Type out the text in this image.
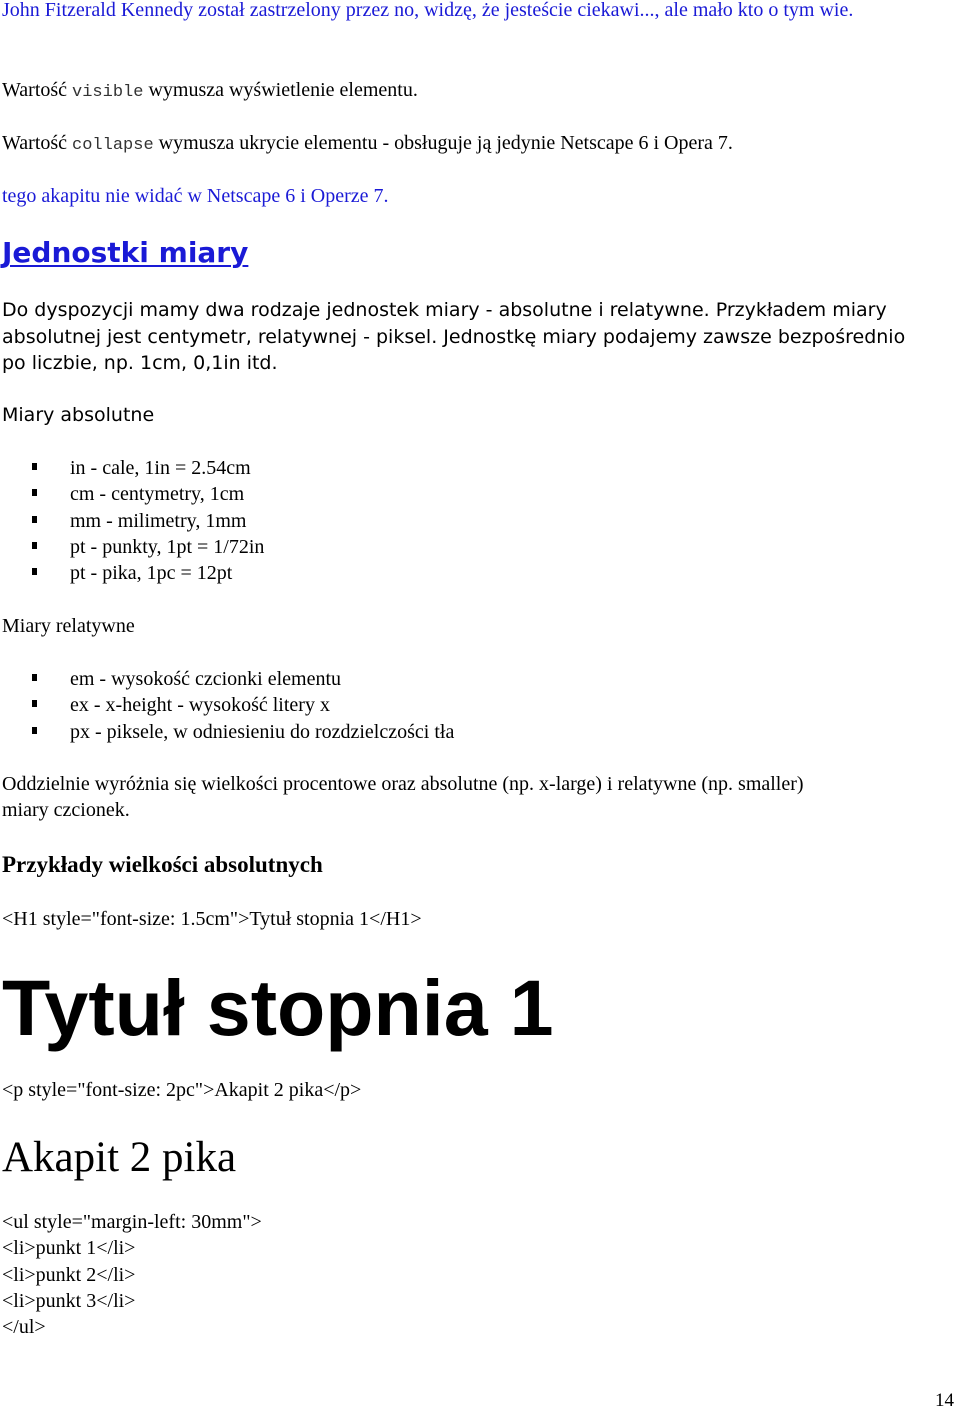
John Fitzerald Kennedy został zastrzelony przez no, widzę, że jesteście ciekawi..., ale mało kto o tym wie.

Wartość visible wymusza wyświetlenie elementu.

Wartość collapse wymusza ukrycie elementu - obsługuje ją jedynie Netscape 6 i Opera 7.

tego akapitu nie widać w Netscape 6 i Operze 7.

Jednostki miary

Do dyspozycji mamy dwa rodzaje jednostek miary - absolutne i relatywne. Przykładem miary absolutnej jest centymetr, relatywnej - piksel. Jednostkę miary podajemy zawsze bezpośrednio po liczbie, np. 1cm, 0,1in itd.

Miary absolutne

in - cale, 1in = 2.54cm
cm - centymetry, 1cm
mm - milimetry, 1mm
pt - punkty, 1pt = 1/72in
pt - pika, 1pc = 12pt

Miary relatywne

em - wysokość czcionki elementu
ex - x-height - wysokość litery x
px - piksele, w odniesieniu do rozdzielczości tła

Oddzielnie wyróżnia się wielkości procentowe oraz absolutne (np. x-large) i relatywne (np. smaller)

miary czcionek.

Przykłady wielkości absolutnych

<H1 style="font-size: 1.5cm">Tytuł stopnia 1</H1>

Tytuł stopnia 1

<p style="font-size: 2pc">Akapit 2 pika</p>

Akapit 2 pika

<ul style="margin-left: 30mm">
<li>punkt 1</li>
<li>punkt 2</li>
<li>punkt 3</li>
</ul>

14
